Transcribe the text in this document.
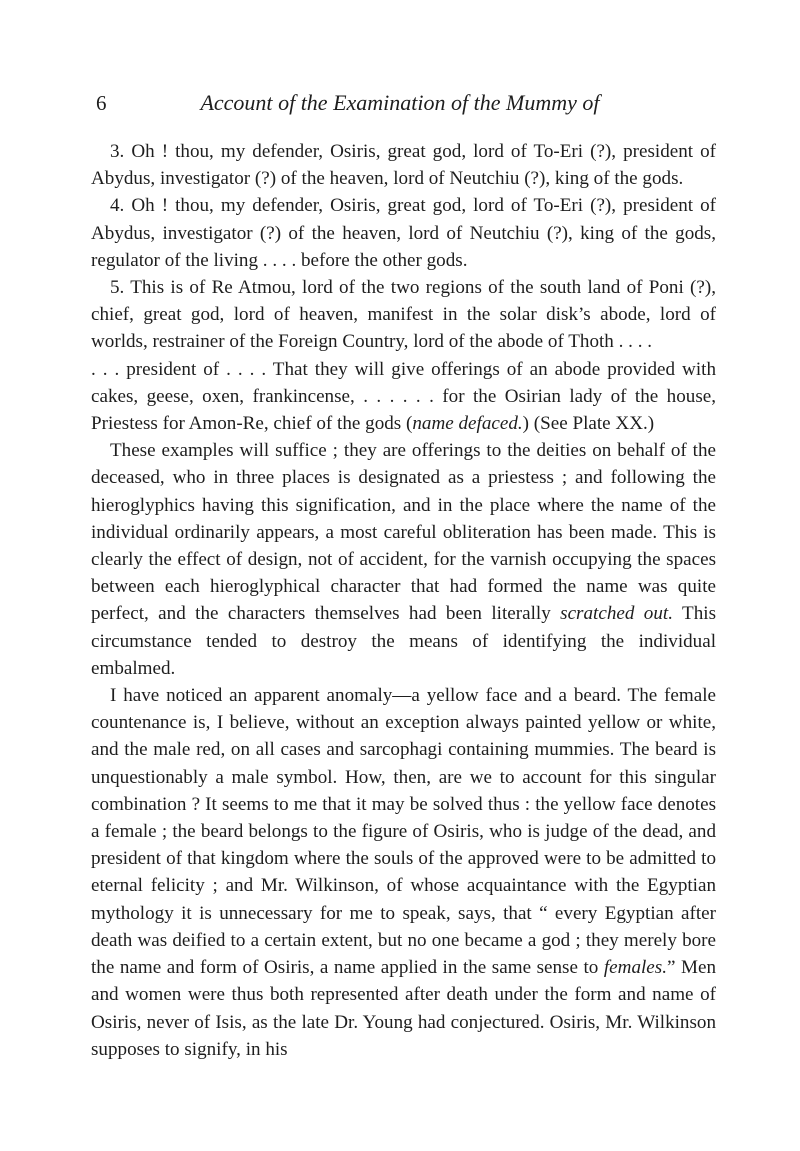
6	Account of the Examination of the Mummy of

3. Oh ! thou, my defender, Osiris, great god, lord of To-Eri (?), president of Abydus, investigator (?) of the heaven, lord of Neutchiu (?), king of the gods.

4. Oh ! thou, my defender, Osiris, great god, lord of To-Eri (?), president of Abydus, investigator (?) of the heaven, lord of Neutchiu (?), king of the gods, regulator of the living . . . . before the other gods.

5. This is of Re Atmou, lord of the two regions of the south land of Poni (?), chief, great god, lord of heaven, manifest in the solar disk’s abode, lord of worlds, restrainer of the Foreign Country, lord of the abode of Thoth . . . .
. . . president of . . . . That they will give offerings of an abode provided with cakes, geese, oxen, frankincense, . . . . . . for the Osirian lady of the house, Priestess for Amon-Re, chief of the gods (name defaced.) (See Plate XX.)

These examples will suffice ; they are offerings to the deities on behalf of the deceased, who in three places is designated as a priestess ; and following the hieroglyphics having this signification, and in the place where the name of the individual ordinarily appears, a most careful obliteration has been made. This is clearly the effect of design, not of accident, for the varnish occupying the spaces between each hieroglyphical character that had formed the name was quite perfect, and the characters themselves had been literally scratched out. This circumstance tended to destroy the means of identifying the individual embalmed.

I have noticed an apparent anomaly—a yellow face and a beard. The female countenance is, I believe, without an exception always painted yellow or white, and the male red, on all cases and sarcophagi containing mummies. The beard is unquestionably a male symbol. How, then, are we to account for this singular combination ? It seems to me that it may be solved thus : the yellow face denotes a female ; the beard belongs to the figure of Osiris, who is judge of the dead, and president of that kingdom where the souls of the approved were to be admitted to eternal felicity ; and Mr. Wilkinson, of whose acquaintance with the Egyptian mythology it is unnecessary for me to speak, says, that “ every Egyptian after death was deified to a certain extent, but no one became a god ; they merely bore the name and form of Osiris, a name applied in the same sense to females.” Men and women were thus both represented after death under the form and name of Osiris, never of Isis, as the late Dr. Young had conjectured. Osiris, Mr. Wilkinson supposes to signify, in his
